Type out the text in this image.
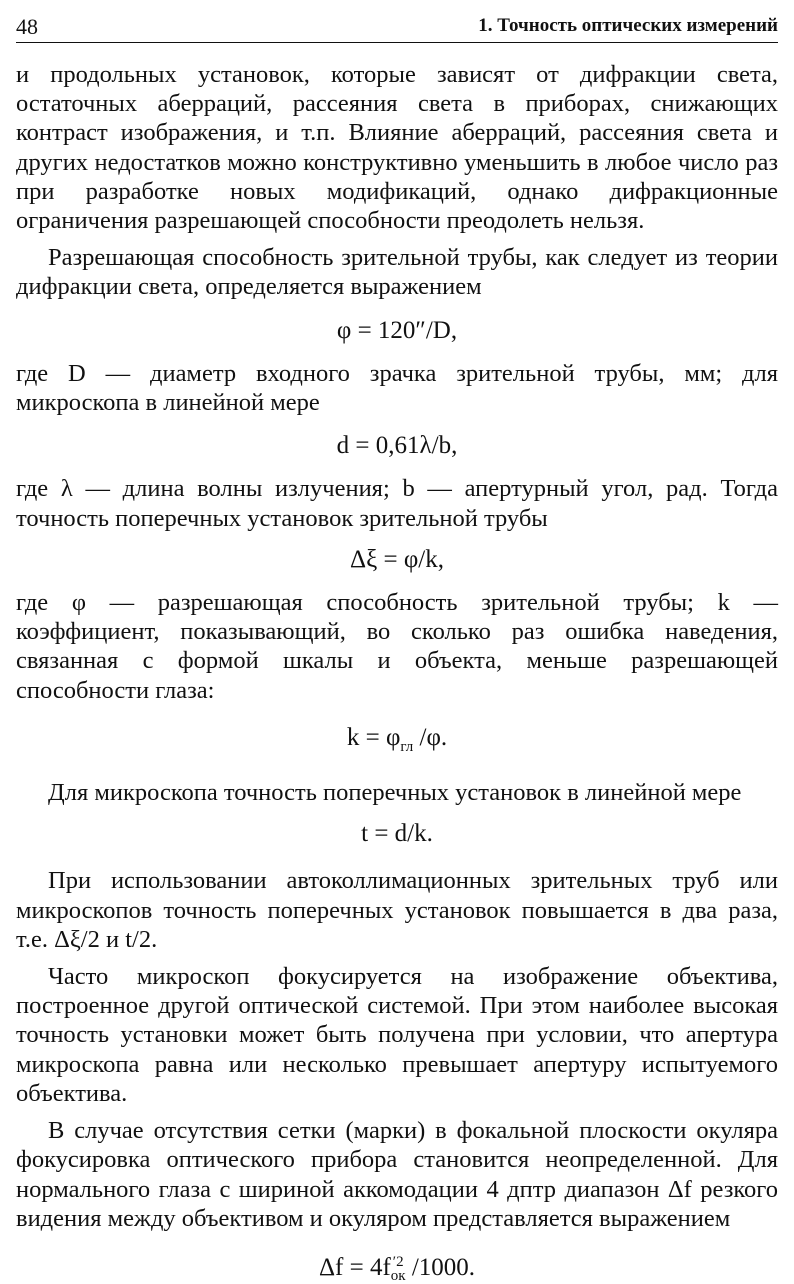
48	1. Точность оптических измерений

и продольных установок, которые зависят от дифракции света, остаточных аберраций, рассеяния света в приборах, снижающих контраст изображения, и т.п. Влияние аберраций, рассеяния света и других недостатков можно конструктивно уменьшить в любое число раз при разработке новых модификаций, однако дифракционные ограничения разрешающей способности преодолеть нельзя.

Разрешающая способность зрительной трубы, как следует из теории дифракции света, определяется выражением

φ = 120″/D,

где D — диаметр входного зрачка зрительной трубы, мм; для микроскопа в линейной мере

d = 0,61λ/b,

где λ — длина волны излучения; b — апертурный угол, рад. Тогда точность поперечных установок зрительной трубы

Δξ = φ/k,

где φ — разрешающая способность зрительной трубы; k — коэффициент, показывающий, во сколько раз ошибка наведения, связанная с формой шкалы и объекта, меньше разрешающей способности глаза:

$k = \varphi_{гл}$ /φ.

Для микроскопа точность поперечных установок в линейной мере

t = d/k.

При использовании автоколлимационных зрительных труб или микроскопов точность поперечных установок повышается в два раза, т.е. Δξ/2 и t/2.

Часто микроскоп фокусируется на изображение объектива, построенное другой оптической системой. При этом наиболее высокая точность установки может быть получена при условии, что апертура микроскопа равна или несколько превышает апертуру испытуемого объектива.

В случае отсутствия сетки (марки) в фокальной плоскости окуляра фокусировка оптического прибора становится неопределенной. Для нормального глаза с шириной аккомодации 4 дптр диапазон Δf резкого видения между объективом и окуляром представляется выражением

Δf = 4f ′2
ок /1000.
